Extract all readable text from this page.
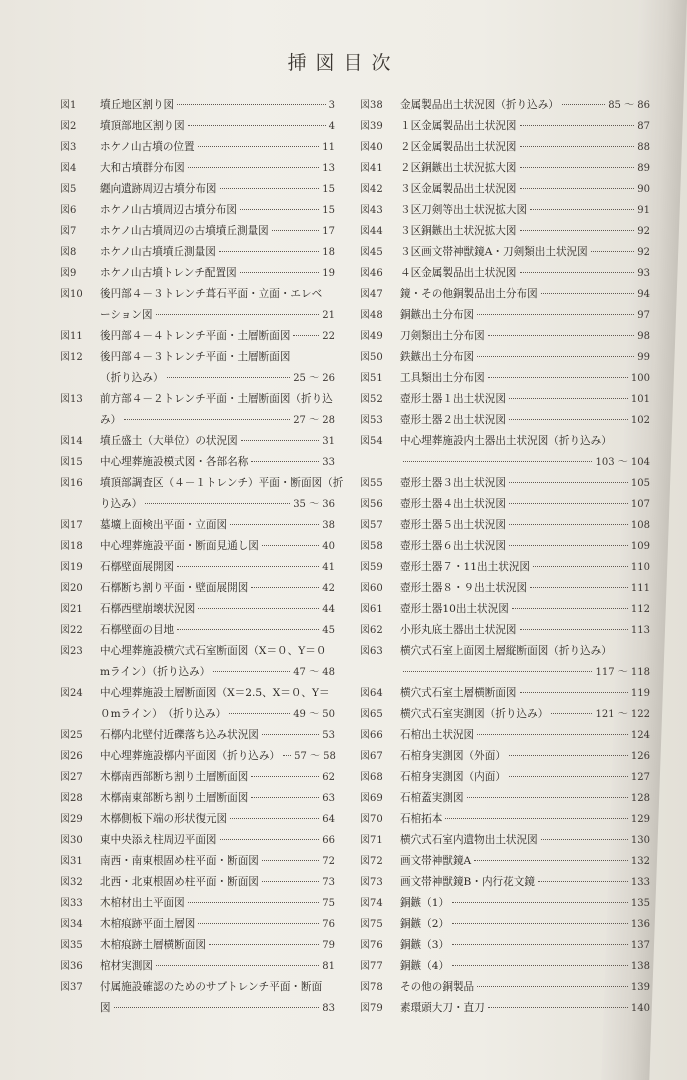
挿図目次
図1	墳丘地区割り図	3
図2	墳頂部地区割り図	4
図3	ホケノ山古墳の位置	11
図4	大和古墳群分布図	13
図5	纒向遺跡周辺古墳分布図	15
図6	ホケノ山古墳周辺古墳分布図	15
図7	ホケノ山古墳周辺の古墳墳丘測量図	17
図8	ホケノ山古墳墳丘測量図	18
図9	ホケノ山古墳トレンチ配置図	19
図10	後円部４－３トレンチ葺石平面・立面・エレベ
ーション図	21
図11	後円部４－４トレンチ平面・土層断面図	22
図12	後円部４－３トレンチ平面・土層断面図
（折り込み）	25 ～ 26
図13	前方部４－２トレンチ平面・土層断面図（折り込
み）	27 ～ 28
図14	墳丘盛土（大単位）の状況図	31
図15	中心埋葬施設模式図・各部名称	33
図16	墳頂部調査区（４－１トレンチ）平面・断面図（折
り込み）	35 ～ 36
図17	墓壙上面検出平面・立面図	38
図18	中心埋葬施設平面・断面見通し図	40
図19	石槨壁面展開図	41
図20	石槨断ち割り平面・壁面展開図	42
図21	石槨西壁崩壊状況図	44
図22	石槨壁面の目地	45
図23	中心埋葬施設横穴式石室断面図（X＝０、Y＝０
mライン）（折り込み）	47 ～ 48
図24	中心埋葬施設土層断面図（X＝2.5、X＝０、Y＝
０mライン）　（折り込み）	49 ～ 50
図25	石槨内北壁付近礫落ち込み状況図	53
図26	中心埋葬施設槨内平面図（折り込み） 57 ～ 58
図27	木槨南西部断ち割り土層断面図	62
図28	木槨南東部断ち割り土層断面図	63
図29	木槨側板下端の形状復元図	64
図30	東中央添え柱周辺平面図	66
図31	南西・南東根固め柱平面・断面図	72
図32	北西・北東根固め柱平面・断面図	73
図33	木棺材出土平面図	75
図34	木棺痕跡平面土層図	76
図35	木棺痕跡土層横断面図	79
図36	棺材実測図	81
図37	付属施設確認のためのサブトレンチ平面・断面
図	83
図38	金属製品出土状況図（折り込み）	85 ～ 86
図39	１区金属製品出土状況図	87
図40	２区金属製品出土状況図	88
図41	２区銅鏃出土状況拡大図	89
図42	３区金属製品出土状況図	90
図43	３区刀剣等出土状況拡大図	91
図44	３区銅鏃出土状況拡大図	92
図45	３区画文帯神獣鏡A・刀剣類出土状況図	92
図46	４区金属製品出土状況図	93
図47	鏡・その他銅製品出土分布図	94
図48	銅鏃出土分布図	97
図49	刀剣類出土分布図	98
図50	鉄鏃出土分布図	99
図51	工具類出土分布図	100
図52	壺形土器１出土状況図	101
図53	壺形土器２出土状況図	102
図54	中心埋葬施設内土器出土状況図（折り込み）
103 ～ 104
図55	壺形土器３出土状況図	105
図56	壺形土器４出土状況図	107
図57	壺形土器５出土状況図	108
図58	壺形土器６出土状況図	109
図59	壺形土器７・11出土状況図	110
図60	壺形土器８・９出土状況図	111
図61	壺形土器10出土状況図	112
図62	小形丸底土器出土状況図	113
図63	横穴式石室上面図土層縦断面図（折り込み）
117 ～ 118
図64	横穴式石室土層横断面図	119
図65	横穴式石室実測図（折り込み）	121 ～ 122
図66	石棺出土状況図	124
図67	石棺身実測図（外面）	126
図68	石棺身実測図（内面）	127
図69	石棺蓋実測図	128
図70	石棺拓本	129
図71	横穴式石室内遺物出土状況図	130
図72	画文帯神獣鏡A	132
図73	画文帯神獣鏡B・内行花文鏡	133
図74	銅鏃（1）	135
図75	銅鏃（2）	136
図76	銅鏃（3）	137
図77	銅鏃（4）	138
図78	その他の銅製品	139
図79	素環頭大刀・直刀	140
